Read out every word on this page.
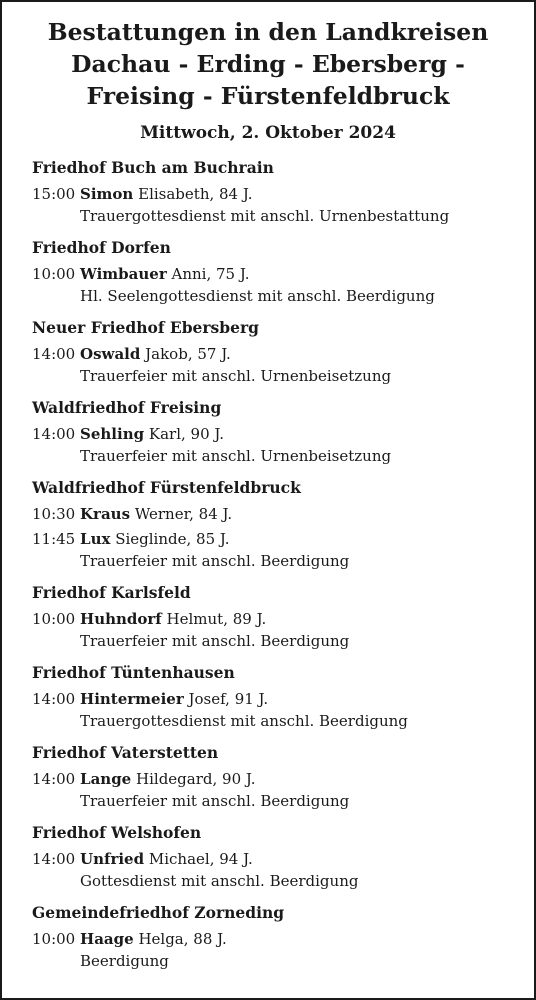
Bestattungen in den Landkreisen
Dachau - Erding - Ebersberg -
Freising - Fürstenfeldbruck
Mittwoch, 2. Oktober 2024
Friedhof Buch am Buchrain
15:00 Simon Elisabeth, 84 J.
Trauergottesdienst mit anschl. Urnenbestattung
Friedhof Dorfen
10:00 Wimbauer Anni, 75 J.
Hl. Seelengottesdienst mit anschl. Beerdigung
Neuer Friedhof Ebersberg
14:00 Oswald Jakob, 57 J.
Trauerfeier mit anschl. Urnenbeisetzung
Waldfriedhof Freising
14:00 Sehling Karl, 90 J.
Trauerfeier mit anschl. Urnenbeisetzung
Waldfriedhof Fürstenfeldbruck
10:30 Kraus Werner, 84 J.
11:45 Lux Sieglinde, 85 J.
Trauerfeier mit anschl. Beerdigung
Friedhof Karlsfeld
10:00 Huhndorf Helmut, 89 J.
Trauerfeier mit anschl. Beerdigung
Friedhof Tüntenhausen
14:00 Hintermeier Josef, 91 J.
Trauergottesdienst mit anschl. Beerdigung
Friedhof Vaterstetten
14:00 Lange Hildegard, 90 J.
Trauerfeier mit anschl. Beerdigung
Friedhof Welshofen
14:00 Unfried Michael, 94 J.
Gottesdienst mit anschl. Beerdigung
Gemeindefriedhof Zorneding
10:00 Haage Helga, 88 J.
Beerdigung
